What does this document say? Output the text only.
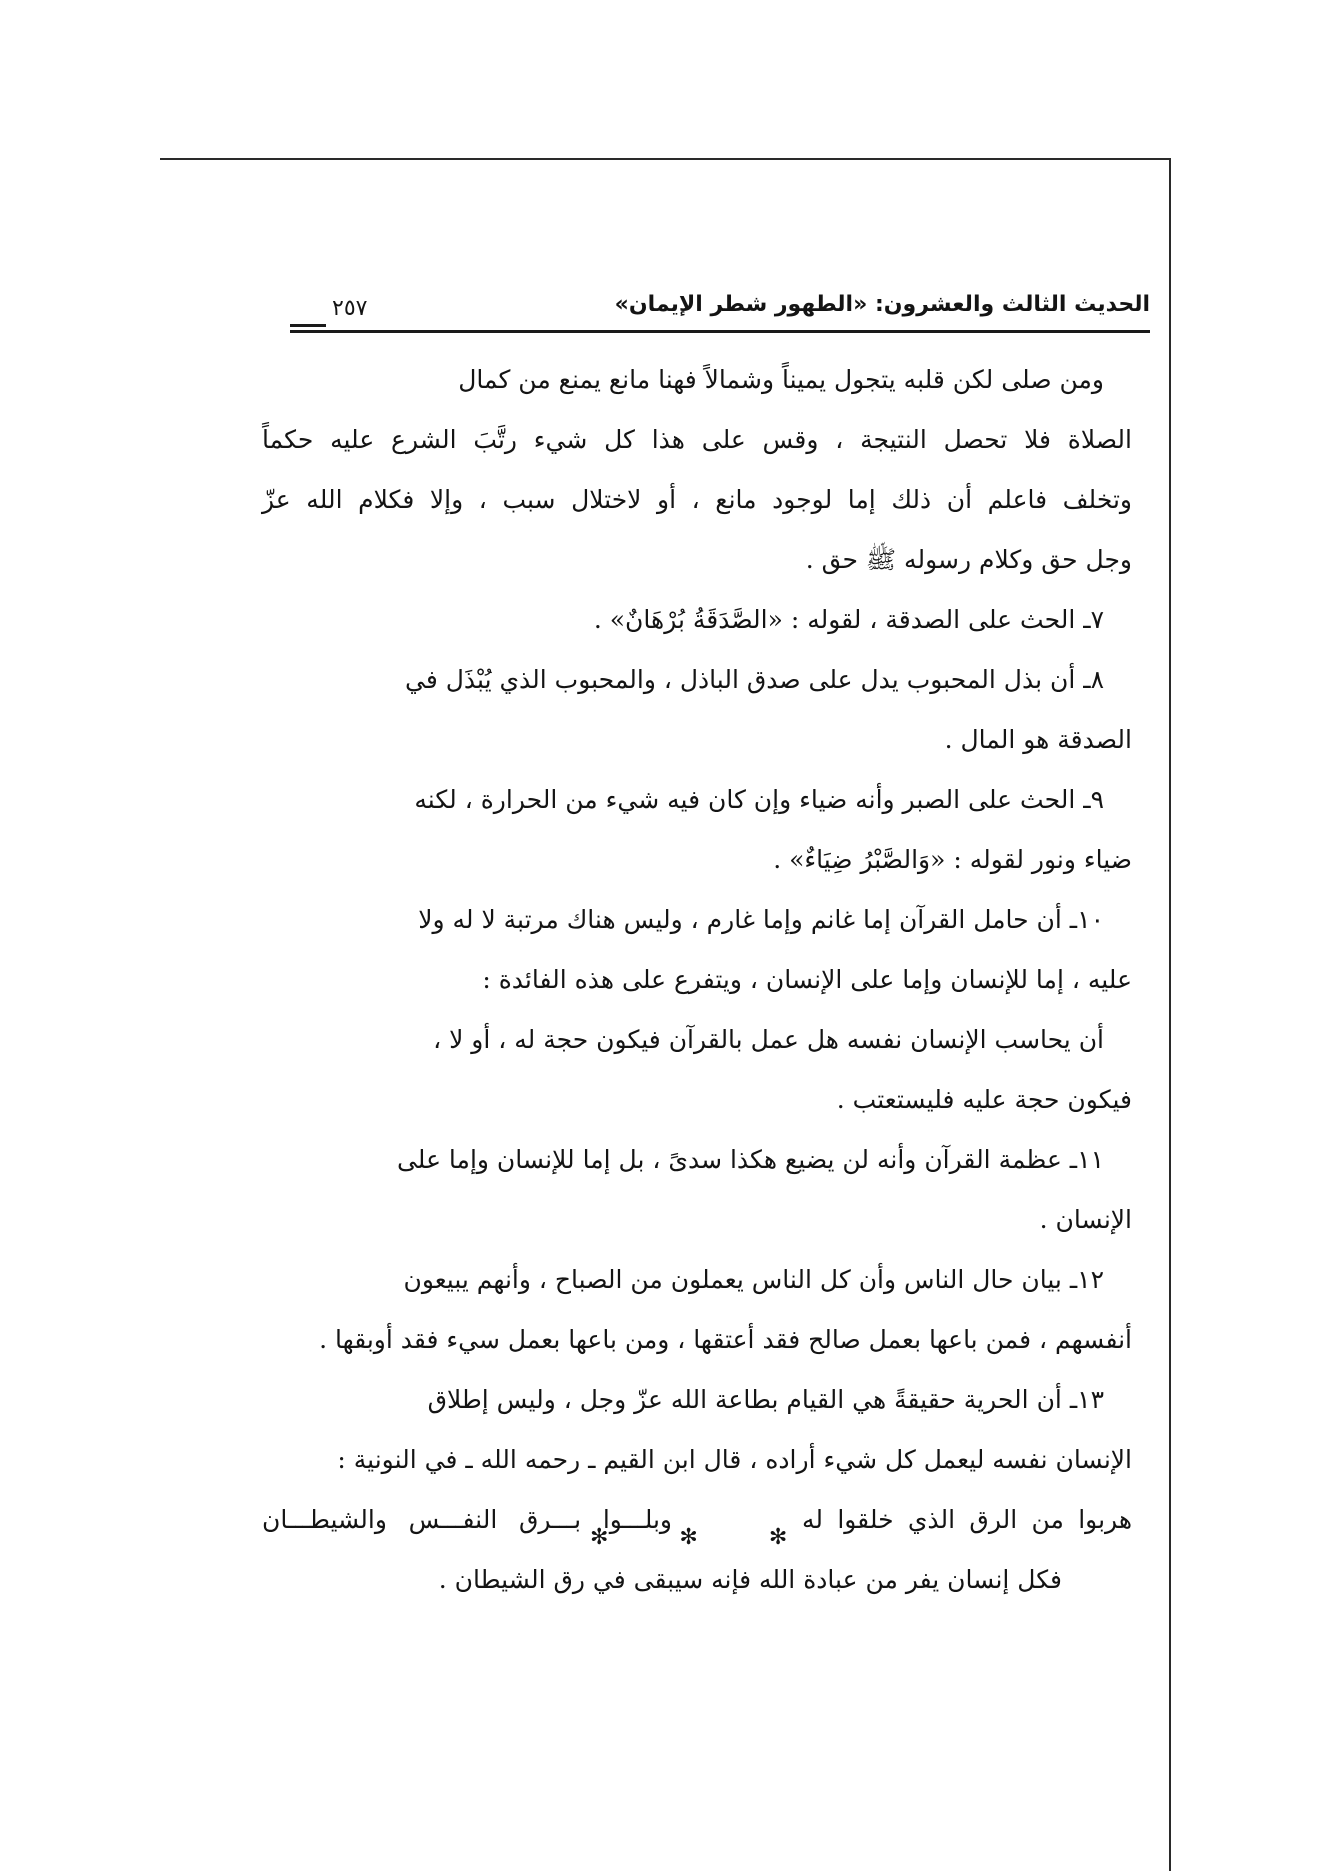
الحديث الثالث والعشرون: «الطهور شطر الإيمان»
٢٥٧
ومن صلى لكن قلبه يتجول يميناً وشمالاً فهنا مانع يمنع من كمال
الصلاة فلا تحصل النتيجة ، وقس على هذا كل شيء رتَّبَ الشرع عليه حكماً
وتخلف فاعلم أن ذلك إما لوجود مانع ، أو لاختلال سبب ، وإلا فكلام الله عزّ
وجل حق وكلام رسوله ﷺ حق .
٧ـ الحث على الصدقة ، لقوله : «الصَّدَقَةُ بُرْهَانٌ» .
٨ـ أن بذل المحبوب يدل على صدق الباذل ، والمحبوب الذي يُبْذَل في
الصدقة هو المال .
٩ـ الحث على الصبر وأنه ضياء وإن كان فيه شيء من الحرارة ، لكنه
ضياء ونور لقوله : «وَالصَّبْرُ ضِيَاءٌ» .
١٠ـ أن حامل القرآن إما غانم وإما غارم ، وليس هناك مرتبة لا له ولا
عليه ، إما للإنسان وإما على الإنسان ، ويتفرع على هذه الفائدة :
أن يحاسب الإنسان نفسه هل عمل بالقرآن فيكون حجة له ، أو لا ،
فيكون حجة عليه فليستعتب .
١١ـ عظمة القرآن وأنه لن يضيع هكذا سدىً ، بل إما للإنسان وإما على
الإنسان .
١٢ـ بيان حال الناس وأن كل الناس يعملون من الصباح ، وأنهم يبيعون
أنفسهم ، فمن باعها بعمل صالح فقد أعتقها ، ومن باعها بعمل سيء فقد أوبقها .
١٣ـ أن الحرية حقيقةً هي القيام بطاعة الله عزّ وجل ، وليس إطلاق
الإنسان نفسه ليعمل كل شيء أراده ، قال ابن القيم ـ رحمه الله ـ في النونية :
هربوا من الرق الذي خلقوا له
وبلـــوا بـــرق النفـــس والشيطـــان
فكل إنسان يفر من عبادة الله فإنه سيبقى في رق الشيطان .
✻ ✻ ✻
